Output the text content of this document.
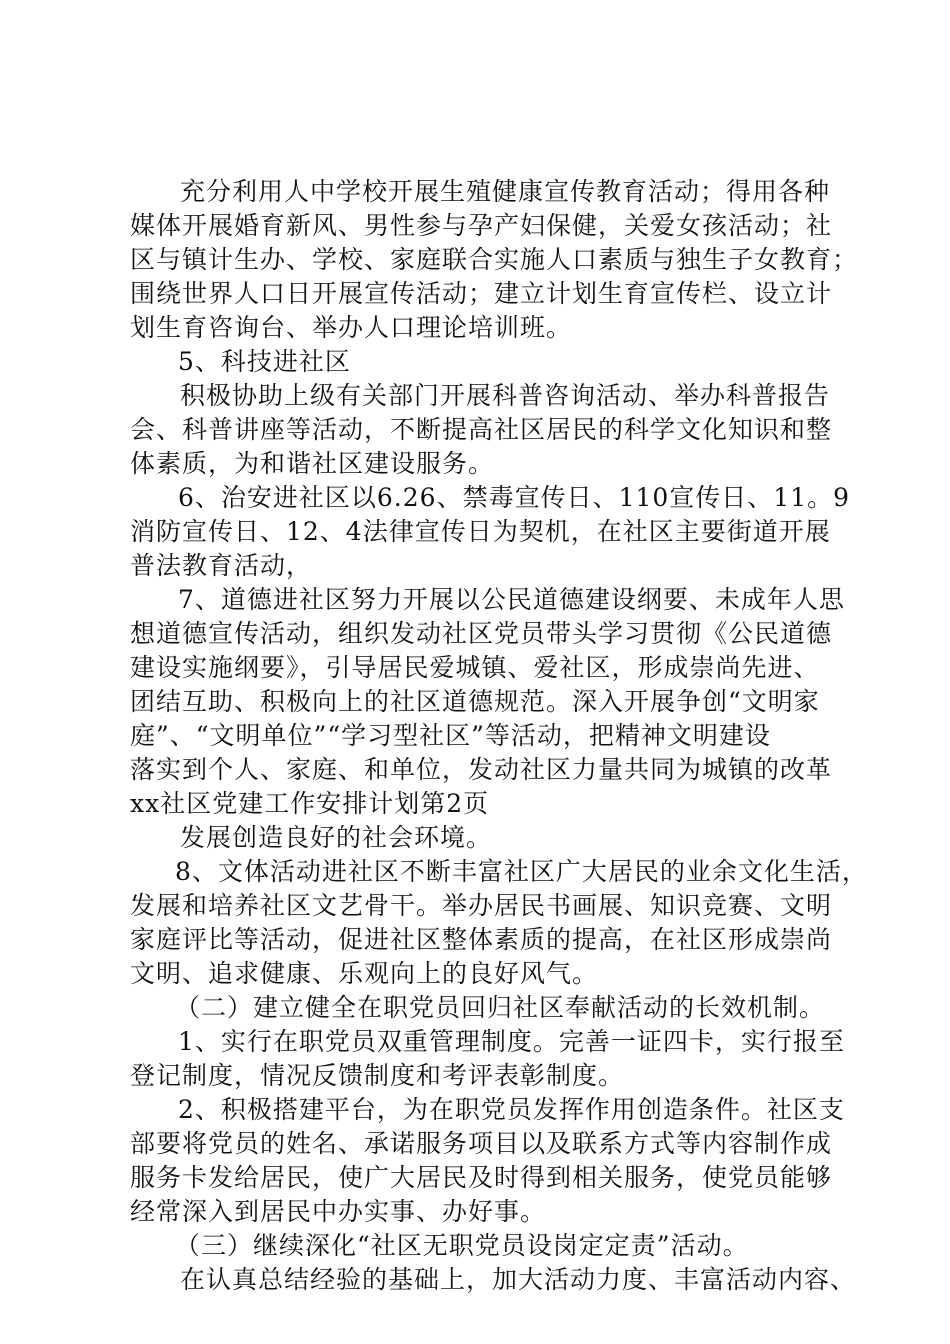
充分利用人中学校开展生殖健康宣传教育活动；得用各种
媒体开展婚育新风、男性参与孕产妇保健，关爱女孩活动；社
区与镇计生办、学校、家庭联合实施人口素质与独生子女教育；
围绕世界人口日开展宣传活动；建立计划生育宣传栏、设立计
划生育咨询台、举办人口理论培训班。
5、科技进社区
积极协助上级有关部门开展科普咨询活动、举办科普报告
会、科普讲座等活动，不断提高社区居民的科学文化知识和整
体素质，为和谐社区建设服务。
6、治安进社区以6.26、禁毒宣传日、110宣传日、11。9
消防宣传日、12、4法律宣传日为契机，在社区主要街道开展
普法教育活动，
7、道德进社区努力开展以公民道德建设纲要、未成年人思
想道德宣传活动，组织发动社区党员带头学习贯彻《公民道德
建设实施纲要》，引导居民爱城镇、爱社区，形成崇尚先进、
团结互助、积极向上的社区道德规范。深入开展争创“文明家
庭”、“文明单位”“学习型社区”等活动，把精神文明建设
落实到个人、家庭、和单位，发动社区力量共同为城镇的改革
xx社区党建工作安排计划第2页
发展创造良好的社会环境。
8、文体活动进社区不断丰富社区广大居民的业余文化生活，
发展和培养社区文艺骨干。举办居民书画展、知识竞赛、文明
家庭评比等活动，促进社区整体素质的提高，在社区形成崇尚
文明、追求健康、乐观向上的良好风气。
（二）建立健全在职党员回归社区奉献活动的长效机制。
1、实行在职党员双重管理制度。完善一证四卡，实行报至
登记制度，情况反馈制度和考评表彰制度。
2、积极搭建平台，为在职党员发挥作用创造条件。社区支
部要将党员的姓名、承诺服务项目以及联系方式等内容制作成
服务卡发给居民，使广大居民及时得到相关服务，使党员能够
经常深入到居民中办实事、办好事。
（三）继续深化“社区无职党员设岗定定责”活动。
在认真总结经验的基础上，加大活动力度、丰富活动内容、
